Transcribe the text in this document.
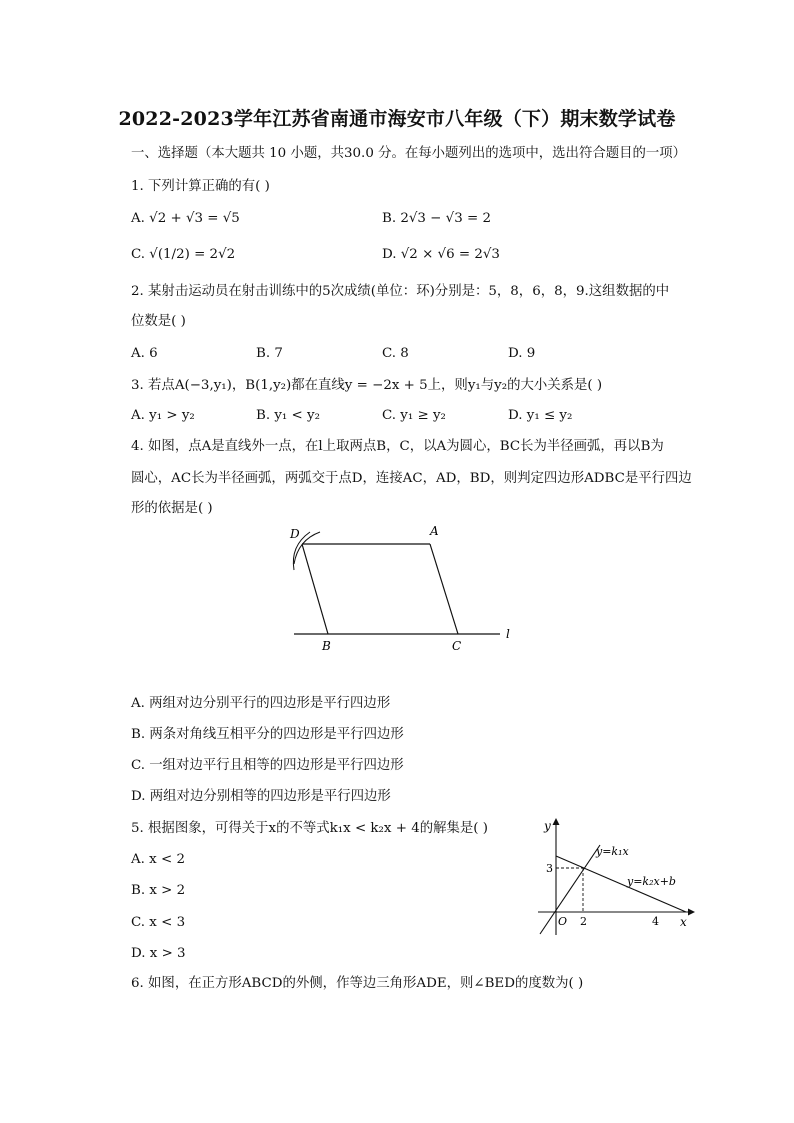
2022-2023学年江苏省南通市海安市八年级（下）期末数学试卷
一、选择题（本大题共 10 小题，共30.0 分。在每小题列出的选项中，选出符合题目的一项）
1. 下列计算正确的有( )
A. √2 + √3 = √5	B. 2√3 − √3 = 2
C. √(1/2) = 2√2	D. √2 × √6 = 2√3
2. 某射击运动员在射击训练中的5次成绩(单位：环)分别是：5，8，6，8，9.这组数据的中
位数是( )
A. 6	B. 7	C. 8	D. 9
3. 若点A(−3,y₁)，B(1,y₂)都在直线y = −2x + 5上，则y₁与y₂的大小关系是( )
A. y₁ > y₂	B. y₁ < y₂	C. y₁ ≥ y₂	D. y₁ ≤ y₂
4. 如图，点A是直线外一点，在l上取两点B，C，以A为圆心，BC长为半径画弧，再以B为
圆心，AC长为半径画弧，两弧交于点D，连接AC，AD，BD，则判定四边形ADBC是平行四边
形的依据是( )
D	A
B	C
l
A. 两组对边分别平行的四边形是平行四边形
B. 两条对角线互相平分的四边形是平行四边形
C. 一组对边平行且相等的四边形是平行四边形
D. 两组对边分别相等的四边形是平行四边形
5. 根据图象，可得关于x的不等式k₁x < k₂x + 4的解集是( )
A. x < 2
B. x > 2
C. x < 3
D. x > 3
y
x
O
3
2	4
y=k₁x
y=k₂x+b
6. 如图，在正方形ABCD的外侧，作等边三角形ADE，则∠BED的度数为( )
